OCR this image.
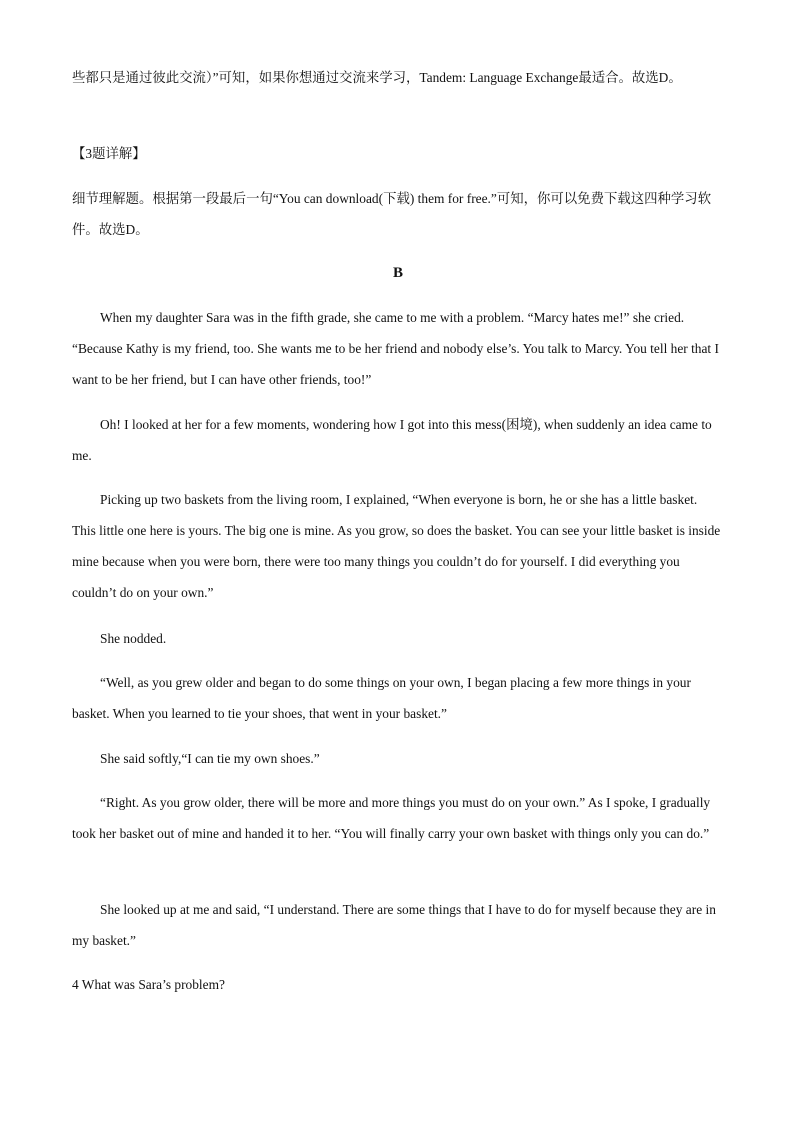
些都只是通过彼此交流）”可知，如果你想通过交流来学习，Tandem: Language Exchange最适合。故选D。

【3题详解】

细节理解题。根据第一段最后一句“You can download(下载) them for free.”可知，你可以免费下载这四种学习软件。故选D。

B

When my daughter Sara was in the fifth grade, she came to me with a problem. “Marcy hates me!” she cried. “Because Kathy is my friend, too. She wants me to be her friend and nobody else’s. You talk to Marcy. You tell her that I want to be her friend, but I can have other friends, too!”

Oh! I looked at her for a few moments, wondering how I got into this mess(困境), when suddenly an idea came to me.

Picking up two baskets from the living room, I explained, “When everyone is born, he or she has a little basket. This little one here is yours. The big one is mine. As you grow, so does the basket. You can see your little basket is inside mine because when you were born, there were too many things you couldn’t do for yourself. I did everything you couldn’t do on your own.”

She nodded.

“Well, as you grew older and began to do some things on your own, I began placing a few more things in your basket. When you learned to tie your shoes, that went in your basket.”

She said softly,“I can tie my own shoes.”

“Right. As you grow older, there will be more and more things you must do on your own.” As I spoke, I gradually took her basket out of mine and handed it to her. “You will finally carry your own basket with things only you can do.”

She looked up at me and said, “I understand. There are some things that I have to do for myself because they are in my basket.”

4 What was Sara’s problem?
